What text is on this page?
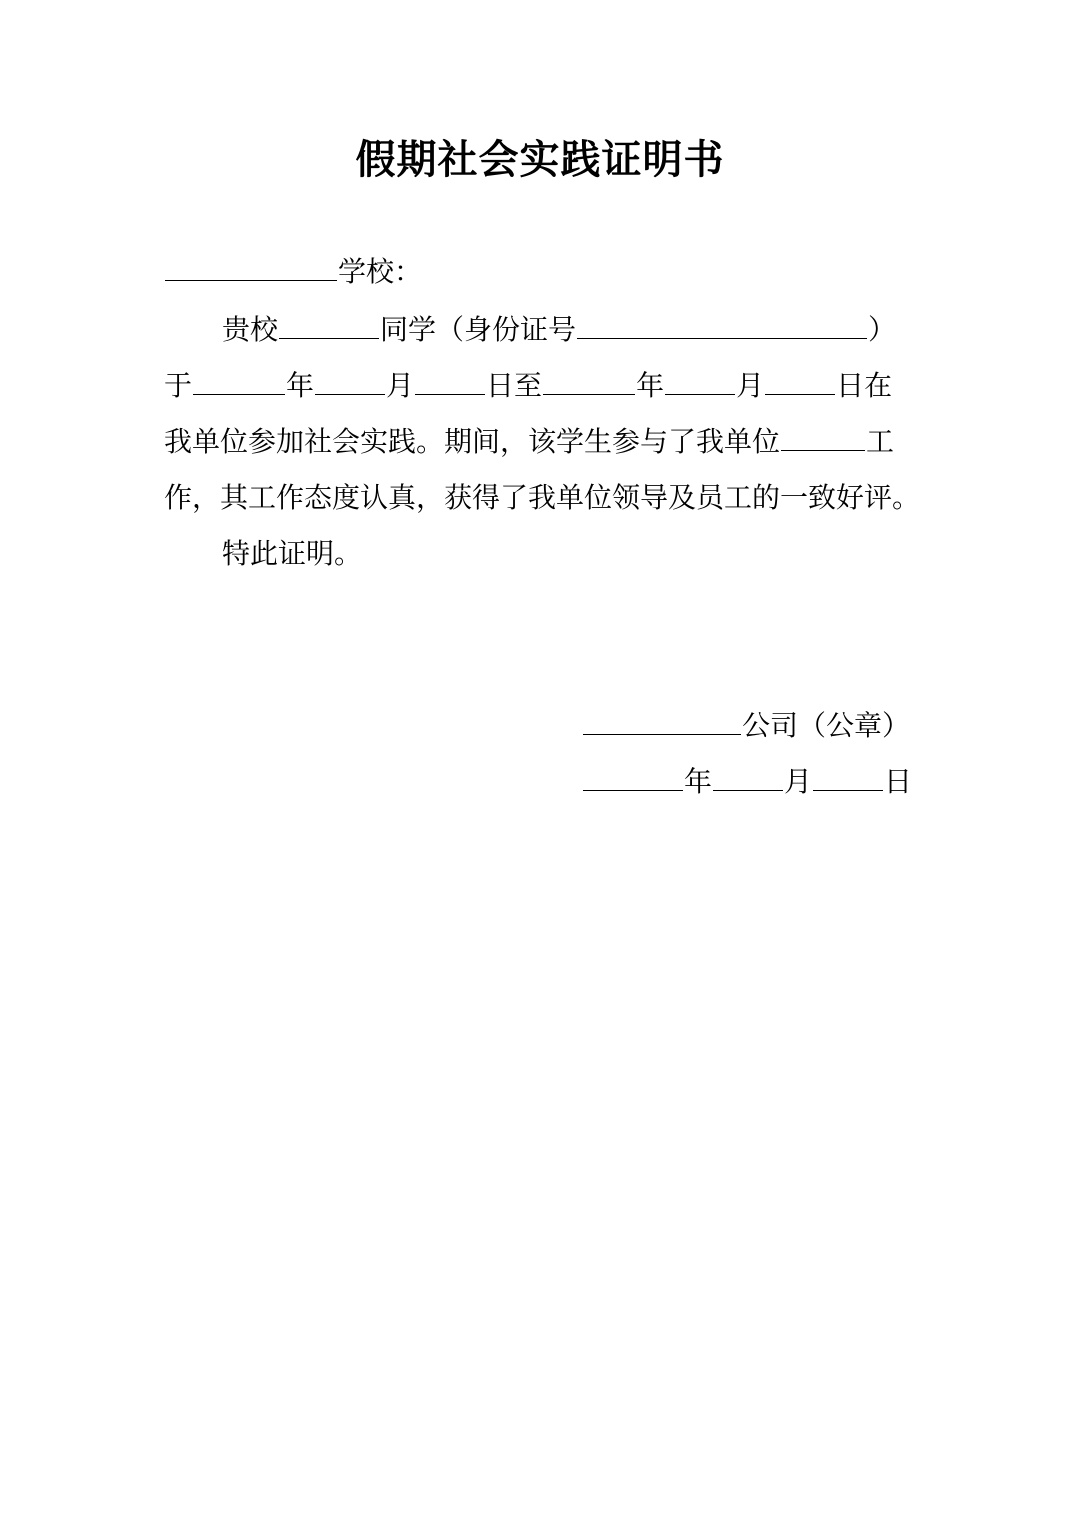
假期社会实践证明书
学校：
贵校	同学（身份证号	）
于	年	月	日至	年	月	日在
我单位参加社会实践。期间，该学生参与了我单位	工
作，其工作态度认真，获得了我单位领导及员工的一致好评。
特此证明。
公司（公章）
年	月	日
